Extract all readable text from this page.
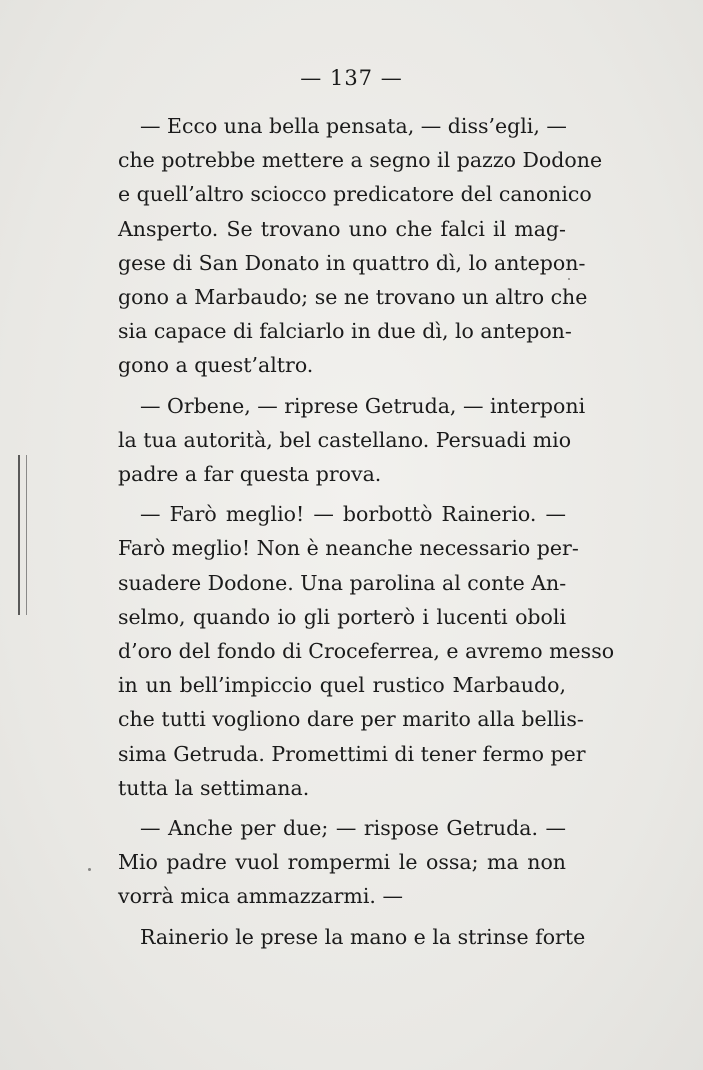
— 137 —
— Ecco una bella pensata, — diss’egli, —
che potrebbe mettere a segno il pazzo Dodone
e quell’altro sciocco predicatore del canonico
Ansperto. Se trovano uno che falci il mag-
gese di San Donato in quattro dì, lo antepon-
gono a Marbaudo; se ne trovano un altro che
sia capace di falciarlo in due dì, lo antepon-
gono a quest’altro.
— Orbene, — riprese Getruda, — interponi
la tua autorità, bel castellano. Persuadi mio
padre a far questa prova.
— Farò meglio! — borbottò Rainerio. —
Farò meglio! Non è neanche necessario per-
suadere Dodone. Una parolina al conte An-
selmo, quando io gli porterò i lucenti oboli
d’oro del fondo di Croceferrea, e avremo messo
in un bell’impiccio quel rustico Marbaudo,
che tutti vogliono dare per marito alla bellis-
sima Getruda. Promettimi di tener fermo per
tutta la settimana.
— Anche per due; — rispose Getruda. —
Mio padre vuol rompermi le ossa; ma non
vorrà mica ammazzarmi. —
Rainerio le prese la mano e la strinse forte
